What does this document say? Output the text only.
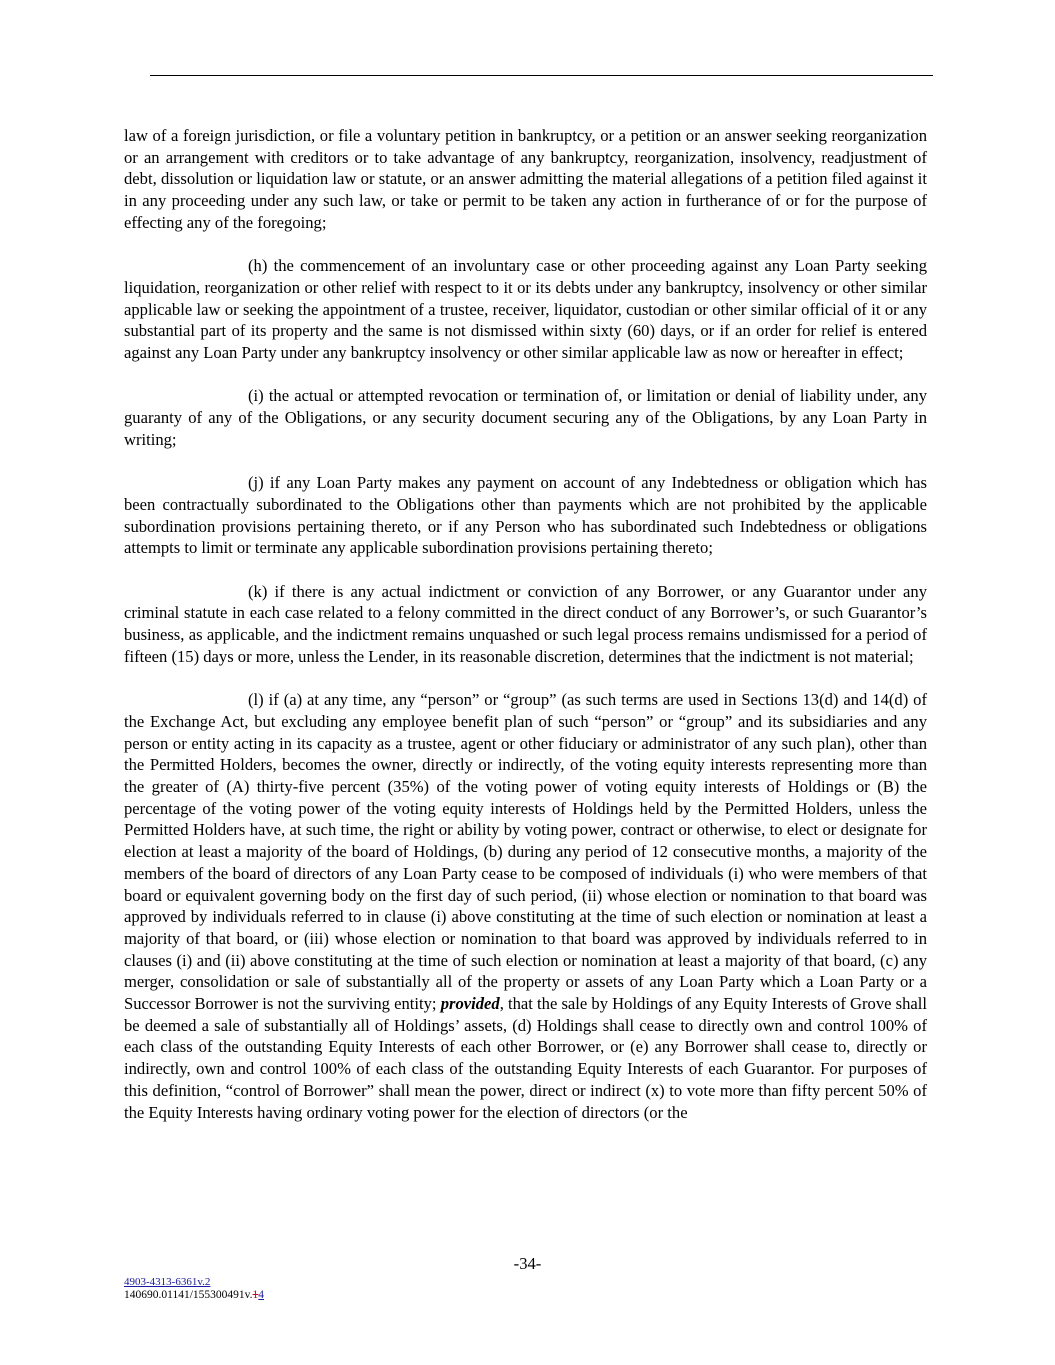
law of a foreign jurisdiction, or file a voluntary petition in bankruptcy, or a petition or an answer seeking reorganization or an arrangement with creditors or to take advantage of any bankruptcy, reorganization, insolvency, readjustment of debt, dissolution or liquidation law or statute, or an answer admitting the material allegations of a petition filed against it in any proceeding under any such law, or take or permit to be taken any action in furtherance of or for the purpose of effecting any of the foregoing;

(h) the commencement of an involuntary case or other proceeding against any Loan Party seeking liquidation, reorganization or other relief with respect to it or its debts under any bankruptcy, insolvency or other similar applicable law or seeking the appointment of a trustee, receiver, liquidator, custodian or other similar official of it or any substantial part of its property and the same is not dismissed within sixty (60) days, or if an order for relief is entered against any Loan Party under any bankruptcy insolvency or other similar applicable law as now or hereafter in effect;

(i) the actual or attempted revocation or termination of, or limitation or denial of liability under, any guaranty of any of the Obligations, or any security document securing any of the Obligations, by any Loan Party in writing;

(j) if any Loan Party makes any payment on account of any Indebtedness or obligation which has been contractually subordinated to the Obligations other than payments which are not prohibited by the applicable subordination provisions pertaining thereto, or if any Person who has subordinated such Indebtedness or obligations attempts to limit or terminate any applicable subordination provisions pertaining thereto;

(k) if there is any actual indictment or conviction of any Borrower, or any Guarantor under any criminal statute in each case related to a felony committed in the direct conduct of any Borrower’s, or such Guarantor’s business, as applicable, and the indictment remains unquashed or such legal process remains undismissed for a period of fifteen (15) days or more, unless the Lender, in its reasonable discretion, determines that the indictment is not material;

(l) if (a) at any time, any “person” or “group” (as such terms are used in Sections 13(d) and 14(d) of the Exchange Act, but excluding any employee benefit plan of such “person” or “group” and its subsidiaries and any person or entity acting in its capacity as a trustee, agent or other fiduciary or administrator of any such plan), other than the Permitted Holders, becomes the owner, directly or indirectly, of the voting equity interests representing more than the greater of (A) thirty-five percent (35%) of the voting power of voting equity interests of Holdings or (B) the percentage of the voting power of the voting equity interests of Holdings held by the Permitted Holders, unless the Permitted Holders have, at such time, the right or ability by voting power, contract or otherwise, to elect or designate for election at least a majority of the board of Holdings, (b) during any period of 12 consecutive months, a majority of the members of the board of directors of any Loan Party cease to be composed of individuals (i) who were members of that board or equivalent governing body on the first day of such period, (ii) whose election or nomination to that board was approved by individuals referred to in clause (i) above constituting at the time of such election or nomination at least a majority of that board, or (iii) whose election or nomination to that board was approved by individuals referred to in clauses (i) and (ii) above constituting at the time of such election or nomination at least a majority of that board, (c) any merger, consolidation or sale of substantially all of the property or assets of any Loan Party which a Loan Party or a Successor Borrower is not the surviving entity; provided, that the sale by Holdings of any Equity Interests of Grove shall be deemed a sale of substantially all of Holdings’ assets, (d) Holdings shall cease to directly own and control 100% of each class of the outstanding Equity Interests of each other Borrower, or (e) any Borrower shall cease to, directly or indirectly, own and control 100% of each class of the outstanding Equity Interests of each Guarantor. For purposes of this definition, “control of Borrower” shall mean the power, direct or indirect (x) to vote more than fifty percent 50% of the Equity Interests having ordinary voting power for the election of directors (or the

-34-
4903-4313-6361v.2
140690.01141/155300491v.14
